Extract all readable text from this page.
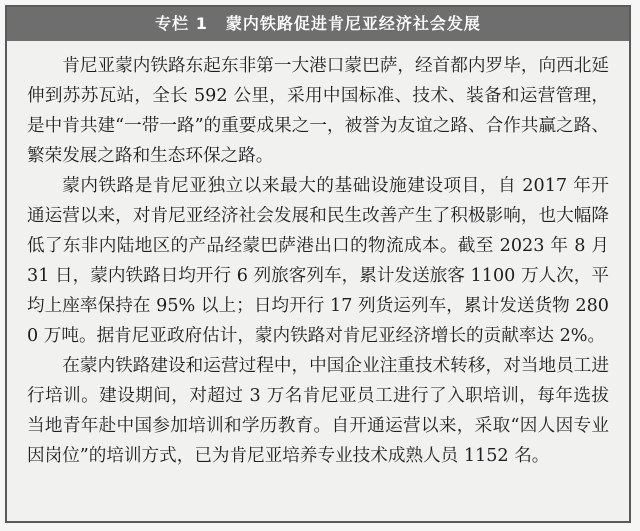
专栏 1 蒙内铁路促进肯尼亚经济社会发展

肯尼亚蒙内铁路东起东非第一大港口蒙巴萨，经首都内罗毕，向西北延伸到苏苏瓦站，全长 592 公里，采用中国标准、技术、装备和运营管理，是中肯共建“一带一路”的重要成果之一，被誉为友谊之路、合作共赢之路、繁荣发展之路和生态环保之路。

蒙内铁路是肯尼亚独立以来最大的基础设施建设项目，自 2017 年开通运营以来，对肯尼亚经济社会发展和民生改善产生了积极影响，也大幅降低了东非内陆地区的产品经蒙巴萨港出口的物流成本。截至 2023 年 8 月 31 日，蒙内铁路日均开行 6 列旅客列车，累计发送旅客 1100 万人次，平均上座率保持在 95% 以上；日均开行 17 列货运列车，累计发送货物 2800 万吨。据肯尼亚政府估计，蒙内铁路对肯尼亚经济增长的贡献率达 2%。

在蒙内铁路建设和运营过程中，中国企业注重技术转移，对当地员工进行培训。建设期间，对超过 3 万名肯尼亚员工进行了入职培训，每年选拔当地青年赴中国参加培训和学历教育。自开通运营以来，采取“因人因专业因岗位”的培训方式，已为肯尼亚培养专业技术成熟人员 1152 名。
